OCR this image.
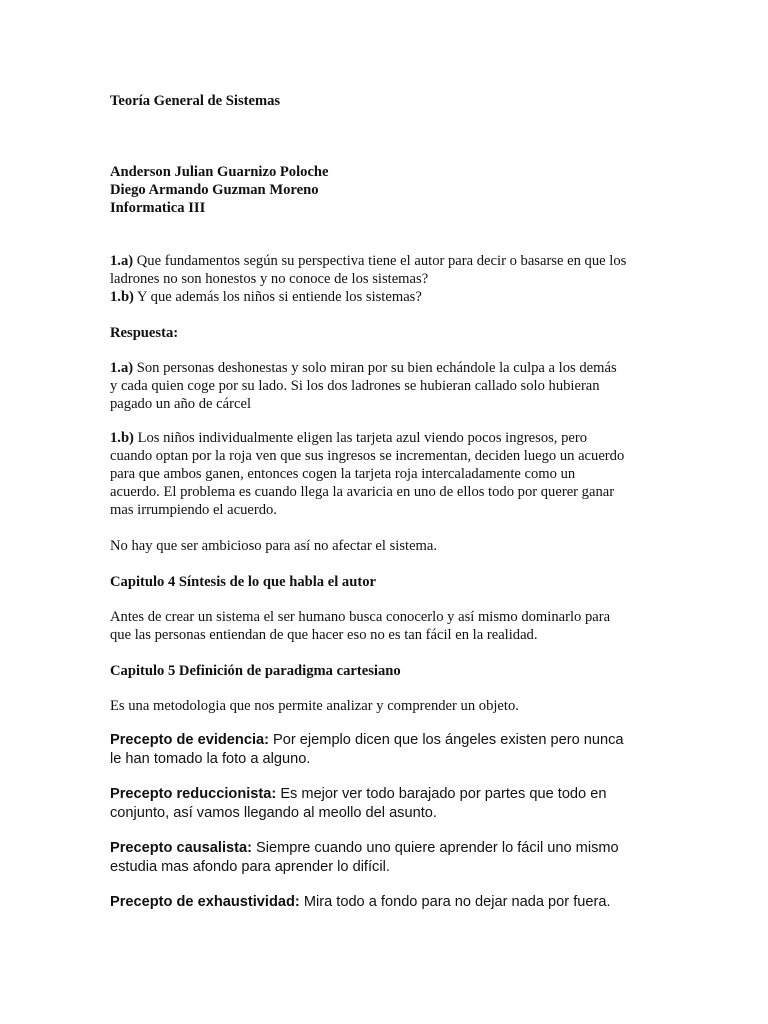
Teoría General de Sistemas
Anderson Julian Guarnizo Poloche
Diego Armando Guzman Moreno
Informatica III
1.a) Que fundamentos según su perspectiva tiene el autor para decir o basarse en que los
ladrones no son honestos y no conoce de los sistemas?
1.b) Y que además los niños si entiende los sistemas?
Respuesta:
1.a) Son personas deshonestas y solo miran por su bien echándole la culpa a los demás
y cada quien coge por su lado. Si los dos ladrones se hubieran callado solo hubieran
pagado un año de cárcel
1.b) Los niños individualmente eligen las tarjeta azul viendo pocos ingresos, pero
cuando optan por la roja ven que sus ingresos se incrementan, deciden luego un acuerdo
para que ambos ganen, entonces cogen la tarjeta roja intercaladamente como un
acuerdo. El problema es cuando llega la avaricia en uno de ellos todo por querer ganar
mas irrumpiendo el acuerdo.
No hay que ser ambicioso para así no afectar el sistema.
Capitulo 4 Síntesis de lo que habla el autor
Antes de crear un sistema el ser humano busca conocerlo y así mismo dominarlo para
que las personas entiendan de que hacer eso no es tan fácil en la realidad.
Capitulo 5 Definición de paradigma cartesiano
Es una metodologia que nos permite analizar y comprender un objeto.
Precepto de evidencia: Por ejemplo dicen que los ángeles existen pero nunca
le han tomado la foto a alguno.
Precepto reduccionista: Es mejor ver todo barajado por partes que todo en
conjunto, así vamos llegando al meollo del asunto.
Precepto causalista: Siempre cuando uno quiere aprender lo fácil uno mismo
estudia mas afondo para aprender lo difícil.
Precepto de exhaustividad: Mira todo a fondo para no dejar nada por fuera.
